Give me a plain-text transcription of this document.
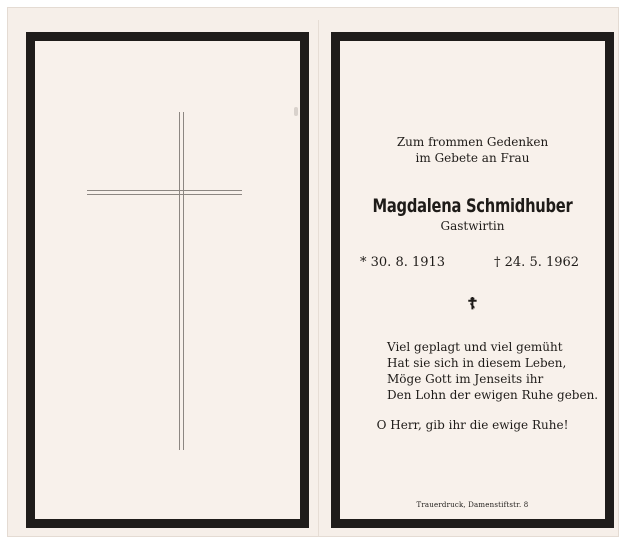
Zum frommen Gedenken
im Gebete an Frau
Magdalena Schmidhuber
Gastwirtin
* 30. 8. 1913	† 24. 5. 1962
☦
Viel geplagt und viel gemüht
Hat sie sich in diesem Leben,
Möge Gott im Jenseits ihr
Den Lohn der ewigen Ruhe geben.
O Herr, gib ihr die ewige Ruhe!
Trauerdruck, Damenstiftstr. 8
